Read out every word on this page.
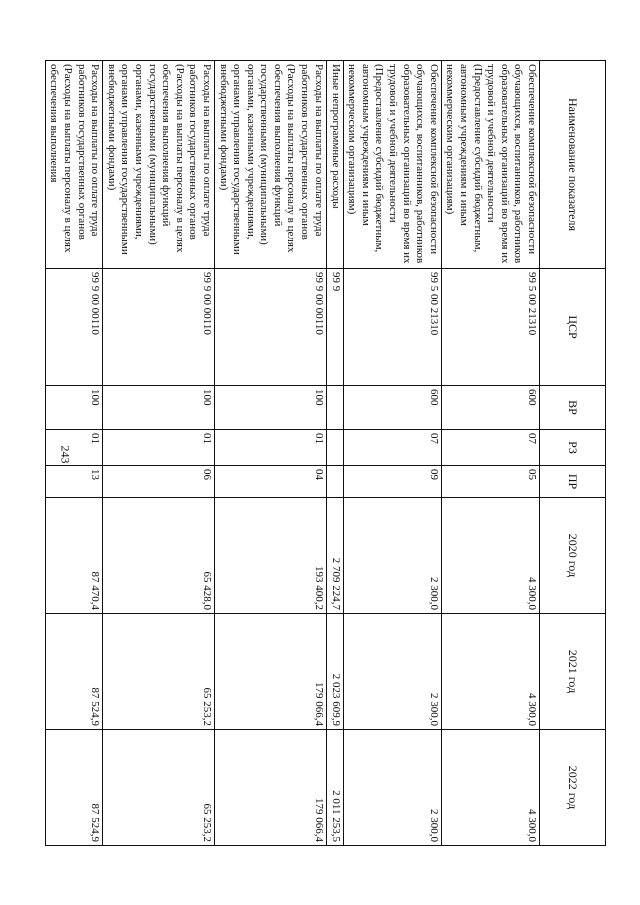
243
Наименование показателя	ЦСР	ВР	РЗ	ПР	2020 год	2021 год	2022 год
Обеспечение комплексной безопасности обучающихся, воспитанников, работников образовательных организаций во время их трудовой и учебной деятельности (Предоставление субсидий бюджетным, автономным учреждениям и иным некоммерческим организациям)	99 5 00 21310	600	07	05	4 300,0	4 300,0	4 300,0
Обеспечение комплексной безопасности обучающихся, воспитанников, работников образовательных организаций во время их трудовой и учебной деятельности (Предоставление субсидий бюджетным, автономным учреждениям и иным некоммерческим организациям)	99 5 00 21310	600	07	09	2 300,0	2 300,0	2 300,0
Иные непрограммные расходы	99 9				2 709 224,7	2 023 609,9	2 011 253,5
Расходы на выплаты по оплате труда работников государственных органов (Расходы на выплаты персоналу в целях обеспечения выполнения функций государственными (муниципальными) органами, казенными учреждениями, органами управления государственными внебюджетными фондами)	99 9 00 00110	100	01	04	193 400,2	179 066,4	179 066,4
Расходы на выплаты по оплате труда работников государственных органов (Расходы на выплаты персоналу в целях обеспечения выполнения функций государственными (муниципальными) органами, казенными учреждениями, органами управления государственными внебюджетными фондами)	99 9 00 00110	100	01	06	65 428,0	65 253,2	65 253,2
Расходы на выплаты по оплате труда работников государственных органов (Расходы на выплаты персоналу в целях обеспечения выполнения	99 9 00 00110	100	01	13	87 470,4	87 524,9	87 524,9
